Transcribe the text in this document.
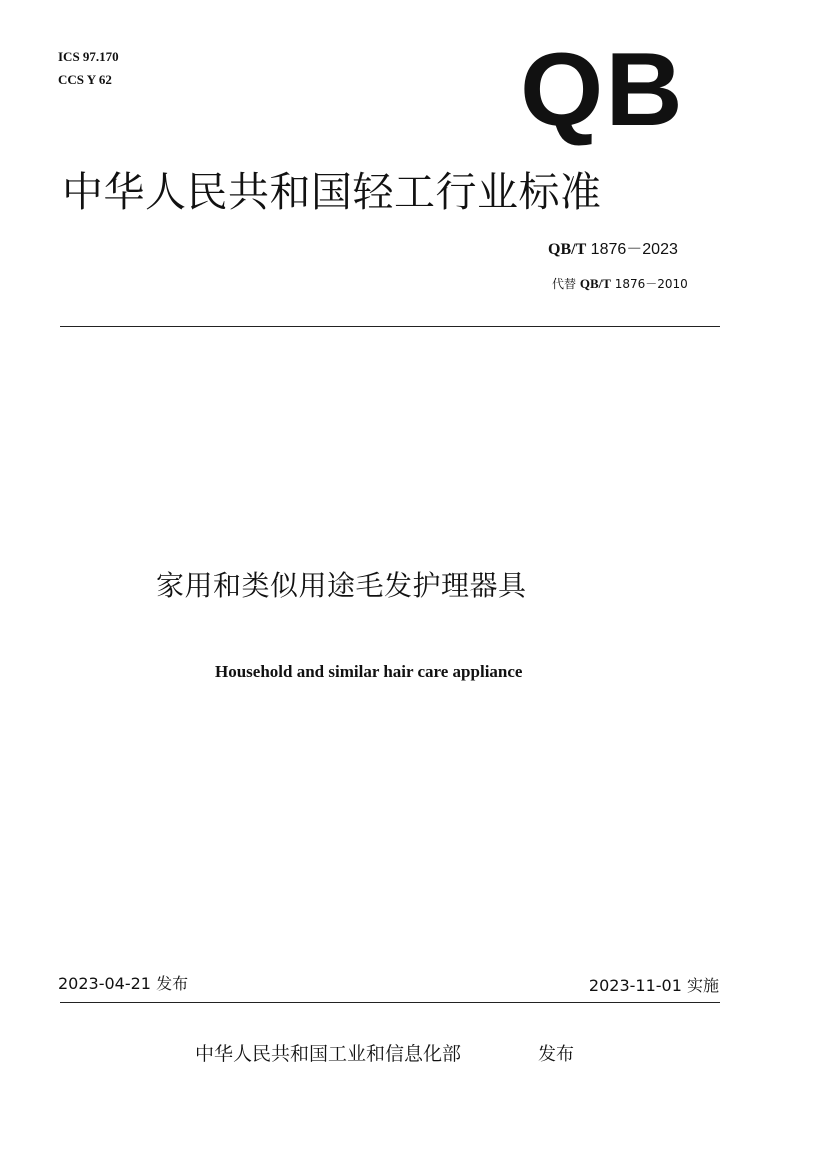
ICS 97.170
CCS Y 62	QB
中华人民共和国轻工行业标准
QB/T 1876－2023
代替 QB/T 1876－2010
家用和类似用途毛发护理器具
Household and similar hair care appliance
2023-04-21 发布	2023-11-01 实施
中华人民共和国工业和信息化部	发布
